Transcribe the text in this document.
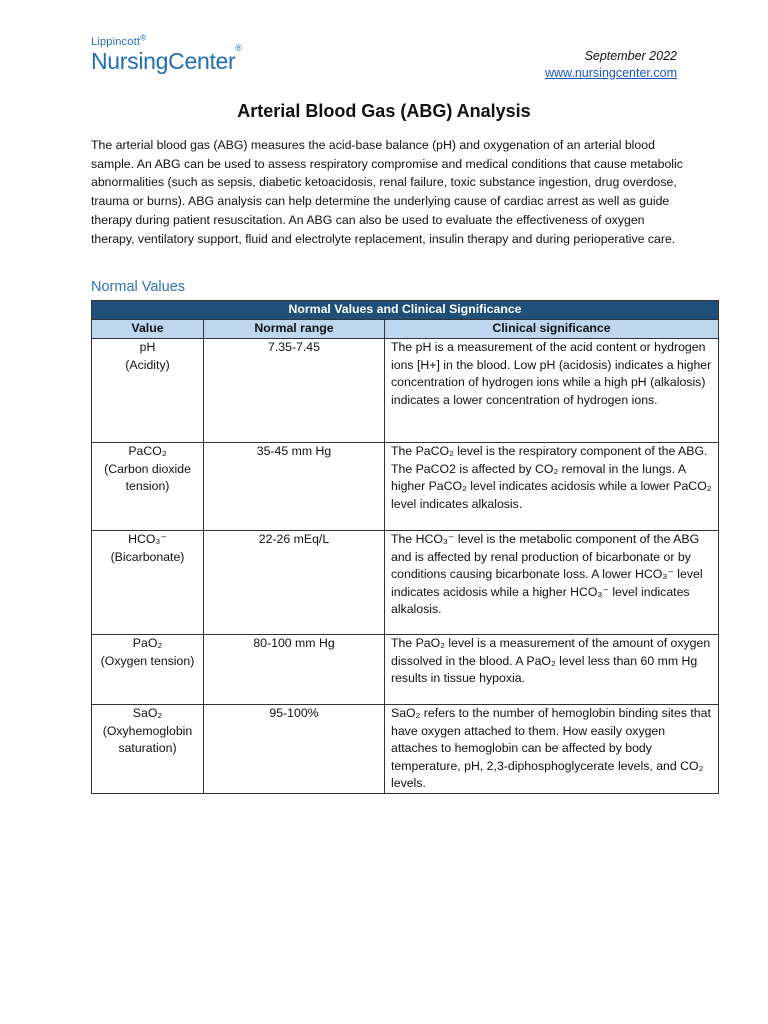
Lippincott®
NursingCenter®
September 2022
www.nursingcenter.com
Arterial Blood Gas (ABG) Analysis

The arterial blood gas (ABG) measures the acid-base balance (pH) and oxygenation of an arterial blood sample. An ABG can be used to assess respiratory compromise and medical conditions that cause metabolic abnormalities (such as sepsis, diabetic ketoacidosis, renal failure, toxic substance ingestion, drug overdose, trauma or burns). ABG analysis can help determine the underlying cause of cardiac arrest as well as guide therapy during patient resuscitation. An ABG can also be used to evaluate the effectiveness of oxygen therapy, ventilatory support, fluid and electrolyte replacement, insulin therapy and during perioperative care.

Normal Values
Normal Values and Clinical Significance		
Value	Normal range	Clinical significance

pH
(Acidity)	7.35-7.45	The pH is a measurement of the acid content or hydrogen ions [H+] in the blood. Low pH (acidosis) indicates a higher concentration of hydrogen ions while a high pH (alkalosis) indicates a lower concentration of hydrogen ions.

PaCO₂
(Carbon dioxide tension)	35-45 mm Hg	The PaCO₂ level is the respiratory component of the ABG. The PaCO2 is affected by CO₂ removal in the lungs. A higher PaCO₂ level indicates acidosis while a lower PaCO₂ level indicates alkalosis.

HCO₃⁻
(Bicarbonate)	22-26 mEq/L	The HCO₃⁻ level is the metabolic component of the ABG and is affected by renal production of bicarbonate or by conditions causing bicarbonate loss. A lower HCO₃⁻ level indicates acidosis while a higher HCO₃⁻ level indicates alkalosis.

PaO₂
(Oxygen tension)	80-100 mm Hg	The PaO₂ level is a measurement of the amount of oxygen dissolved in the blood. A PaO₂ level less than 60 mm Hg results in tissue hypoxia.

SaO₂
(Oxyhemoglobin saturation)	95-100%	SaO₂ refers to the number of hemoglobin binding sites that have oxygen attached to them. How easily oxygen attaches to hemoglobin can be affected by body temperature, pH, 2,3-diphosphoglycerate levels, and CO₂ levels.
